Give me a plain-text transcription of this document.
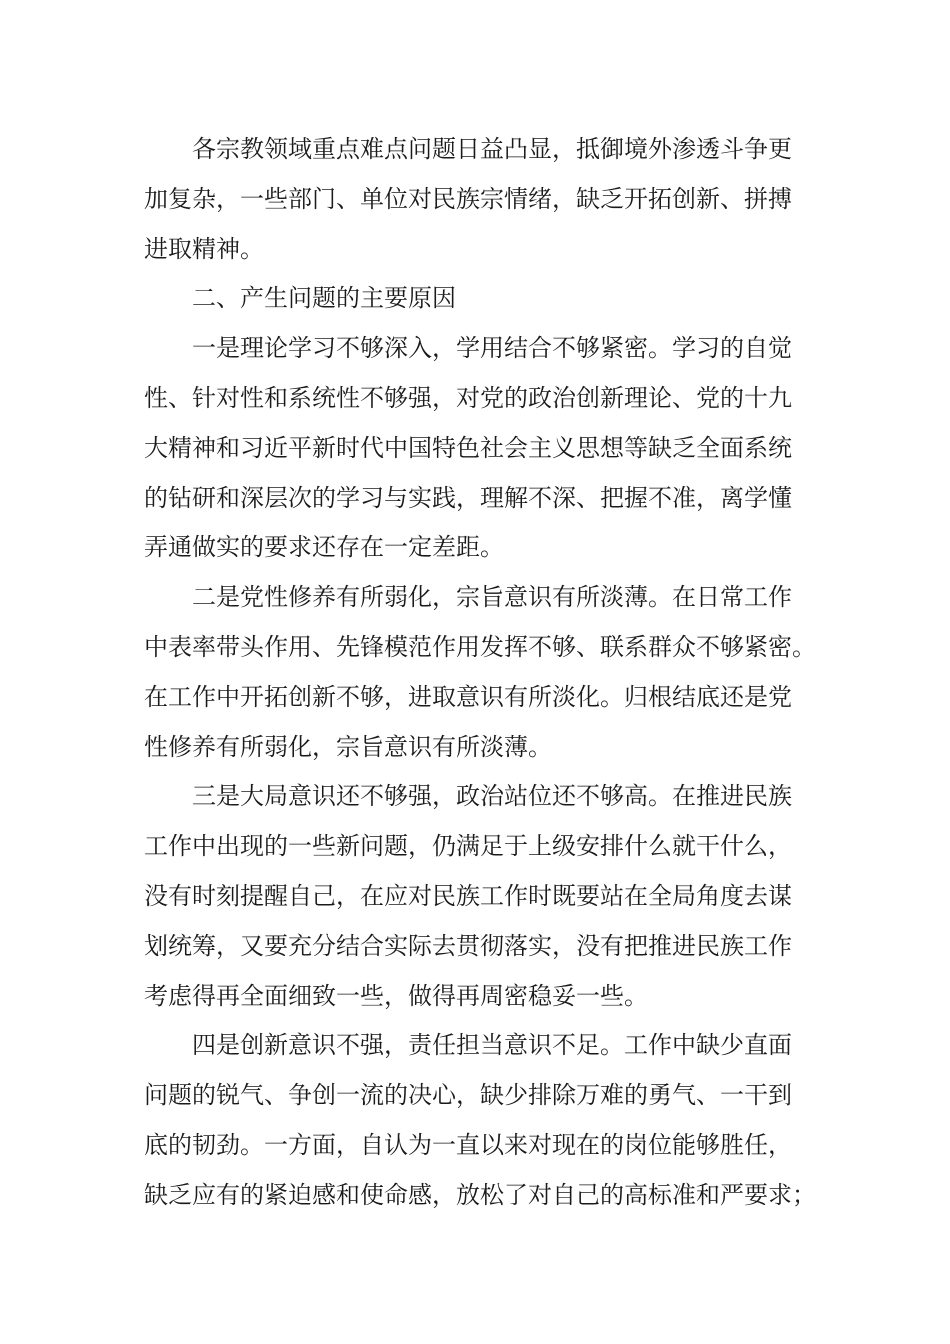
各宗教领域重点难点问题日益凸显，抵御境外渗透斗争更
加复杂，一些部门、单位对民族宗情绪，缺乏开拓创新、拼搏
进取精神。

二、产生问题的主要原因

一是理论学习不够深入，学用结合不够紧密。学习的自觉
性、针对性和系统性不够强，对党的政治创新理论、党的十九
大精神和习近平新时代中国特色社会主义思想等缺乏全面系统
的钻研和深层次的学习与实践，理解不深、把握不准，离学懂
弄通做实的要求还存在一定差距。

二是党性修养有所弱化，宗旨意识有所淡薄。在日常工作
中表率带头作用、先锋模范作用发挥不够、联系群众不够紧密。
在工作中开拓创新不够，进取意识有所淡化。归根结底还是党
性修养有所弱化，宗旨意识有所淡薄。

三是大局意识还不够强，政治站位还不够高。在推进民族
工作中出现的一些新问题，仍满足于上级安排什么就干什么，
没有时刻提醒自己，在应对民族工作时既要站在全局角度去谋
划统筹，又要充分结合实际去贯彻落实，没有把推进民族工作
考虑得再全面细致一些，做得再周密稳妥一些。

四是创新意识不强，责任担当意识不足。工作中缺少直面
问题的锐气、争创一流的决心，缺少排除万难的勇气、一干到
底的韧劲。一方面，自认为一直以来对现在的岗位能够胜任，
缺乏应有的紧迫感和使命感，放松了对自己的高标准和严要求；
